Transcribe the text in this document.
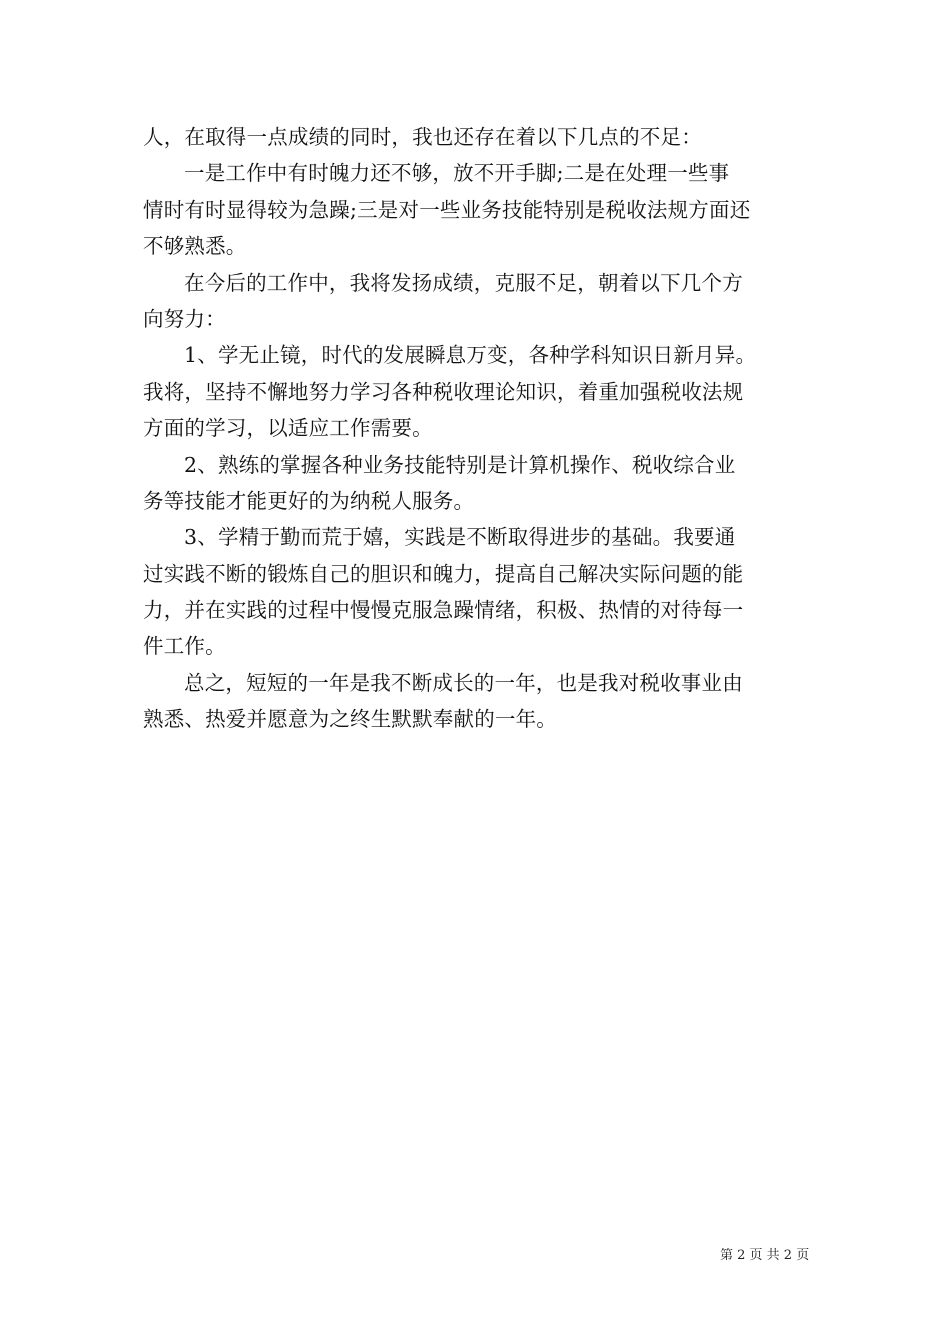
人，在取得一点成绩的同时，我也还存在着以下几点的不足：
一是工作中有时魄力还不够，放不开手脚;二是在处理一些事
情时有时显得较为急躁;三是对一些业务技能特别是税收法规方面还
不够熟悉。
在今后的工作中，我将发扬成绩，克服不足，朝着以下几个方
向努力：
1、学无止镜，时代的发展瞬息万变，各种学科知识日新月异。
我将，坚持不懈地努力学习各种税收理论知识，着重加强税收法规
方面的学习，以适应工作需要。
2、熟练的掌握各种业务技能特别是计算机操作、税收综合业
务等技能才能更好的为纳税人服务。
3、学精于勤而荒于嬉，实践是不断取得进步的基础。我要通
过实践不断的锻炼自己的胆识和魄力，提高自己解决实际问题的能
力，并在实践的过程中慢慢克服急躁情绪，积极、热情的对待每一
件工作。
总之，短短的一年是我不断成长的一年，也是我对税收事业由
熟悉、热爱并愿意为之终生默默奉献的一年。
第 2 页 共 2 页
